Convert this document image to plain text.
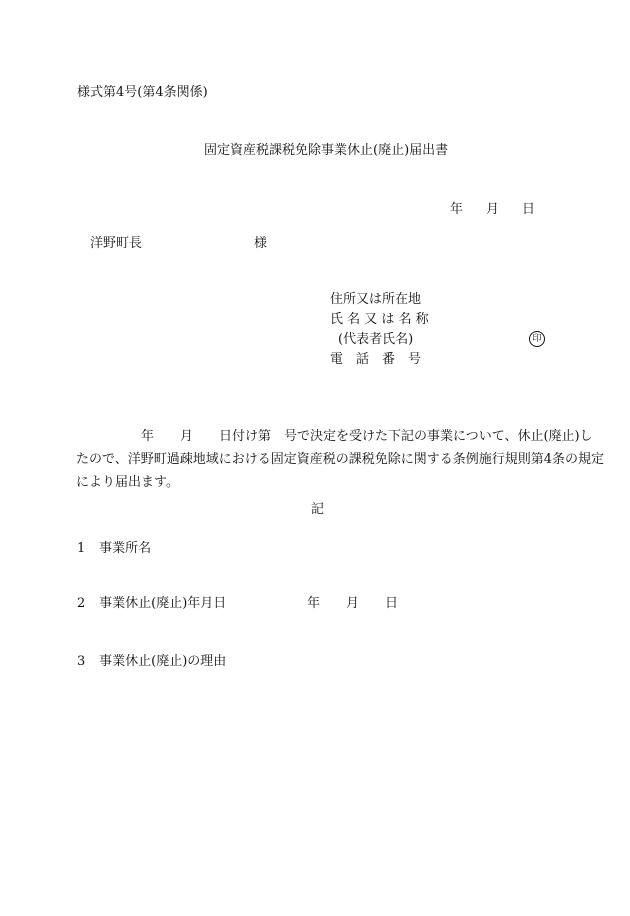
様式第4号(第4条関係)
固定資産税課税免除事業休止(廃止)届出書
年 月 日
洋野町長	様
住所又は所在地
氏 名 又 は 名 称
(代表者氏名)	印
電　話　番　号
　　　　　年　　月　　日付け第　号で決定を受けた下記の事業について、休止(廃止)し
たので、洋野町過疎地域における固定資産税の課税免除に関する条例施行規則第4条の規定
により届出ます。
記
1 事業所名
2 事業休止(廃止)年月日	年　　月　　日
3 事業休止(廃止)の理由
